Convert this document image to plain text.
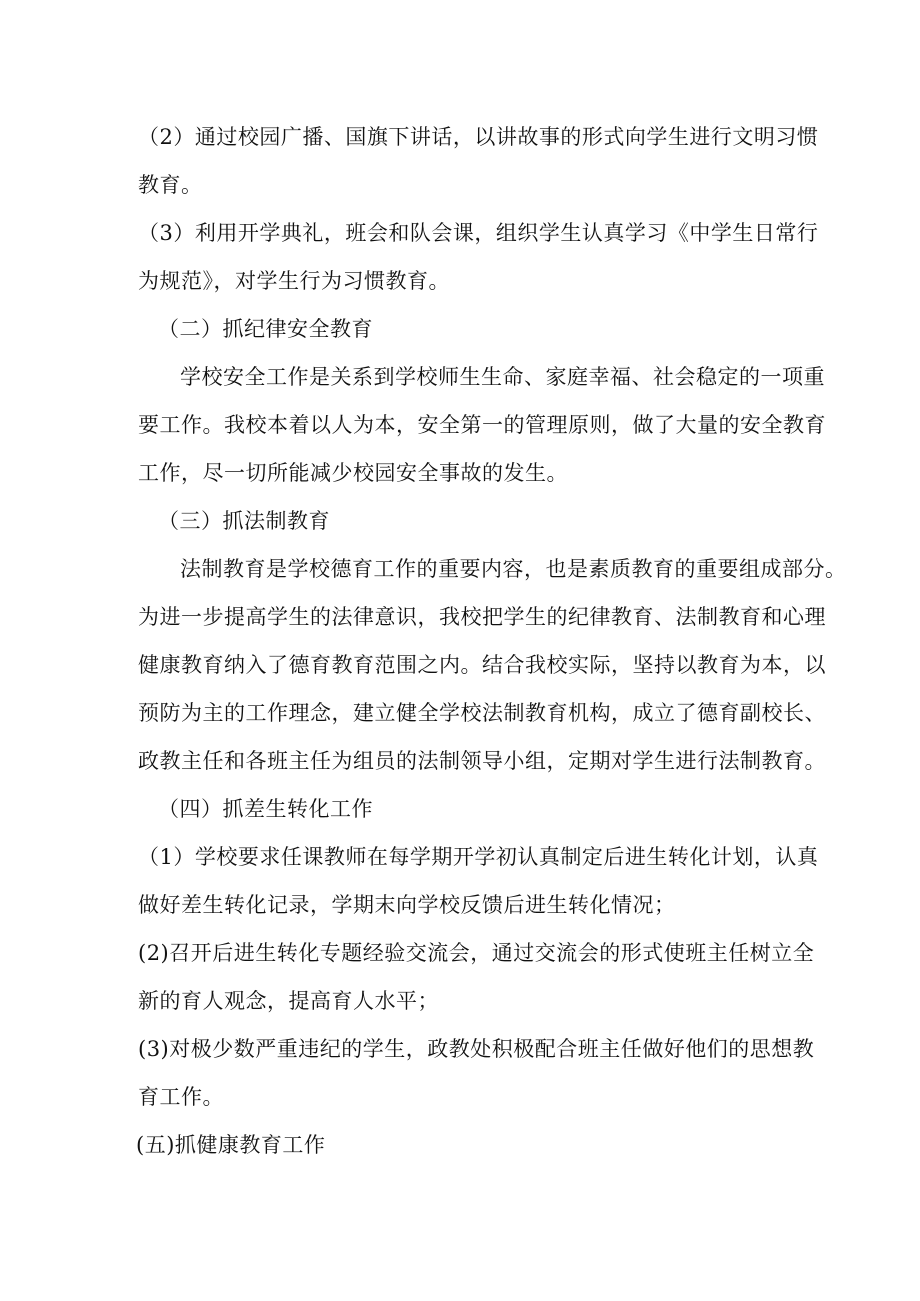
（2）通过校园广播、国旗下讲话，以讲故事的形式向学生进行文明习惯
教育。
（3）利用开学典礼，班会和队会课，组织学生认真学习《中学生日常行
为规范》，对学生行为习惯教育。
（二）抓纪律安全教育
学校安全工作是关系到学校师生生命、家庭幸福、社会稳定的一项重
要工作。我校本着以人为本，安全第一的管理原则，做了大量的安全教育
工作，尽一切所能减少校园安全事故的发生。
（三）抓法制教育
法制教育是学校德育工作的重要内容，也是素质教育的重要组成部分。
为进一步提高学生的法律意识，我校把学生的纪律教育、法制教育和心理
健康教育纳入了德育教育范围之内。结合我校实际，坚持以教育为本，以
预防为主的工作理念，建立健全学校法制教育机构，成立了德育副校长、
政教主任和各班主任为组员的法制领导小组，定期对学生进行法制教育。
（四）抓差生转化工作
（1）学校要求任课教师在每学期开学初认真制定后进生转化计划，认真
做好差生转化记录，学期末向学校反馈后进生转化情况；
(2)召开后进生转化专题经验交流会，通过交流会的形式使班主任树立全
新的育人观念，提高育人水平；
(3)对极少数严重违纪的学生，政教处积极配合班主任做好他们的思想教
育工作。
(五)抓健康教育工作
